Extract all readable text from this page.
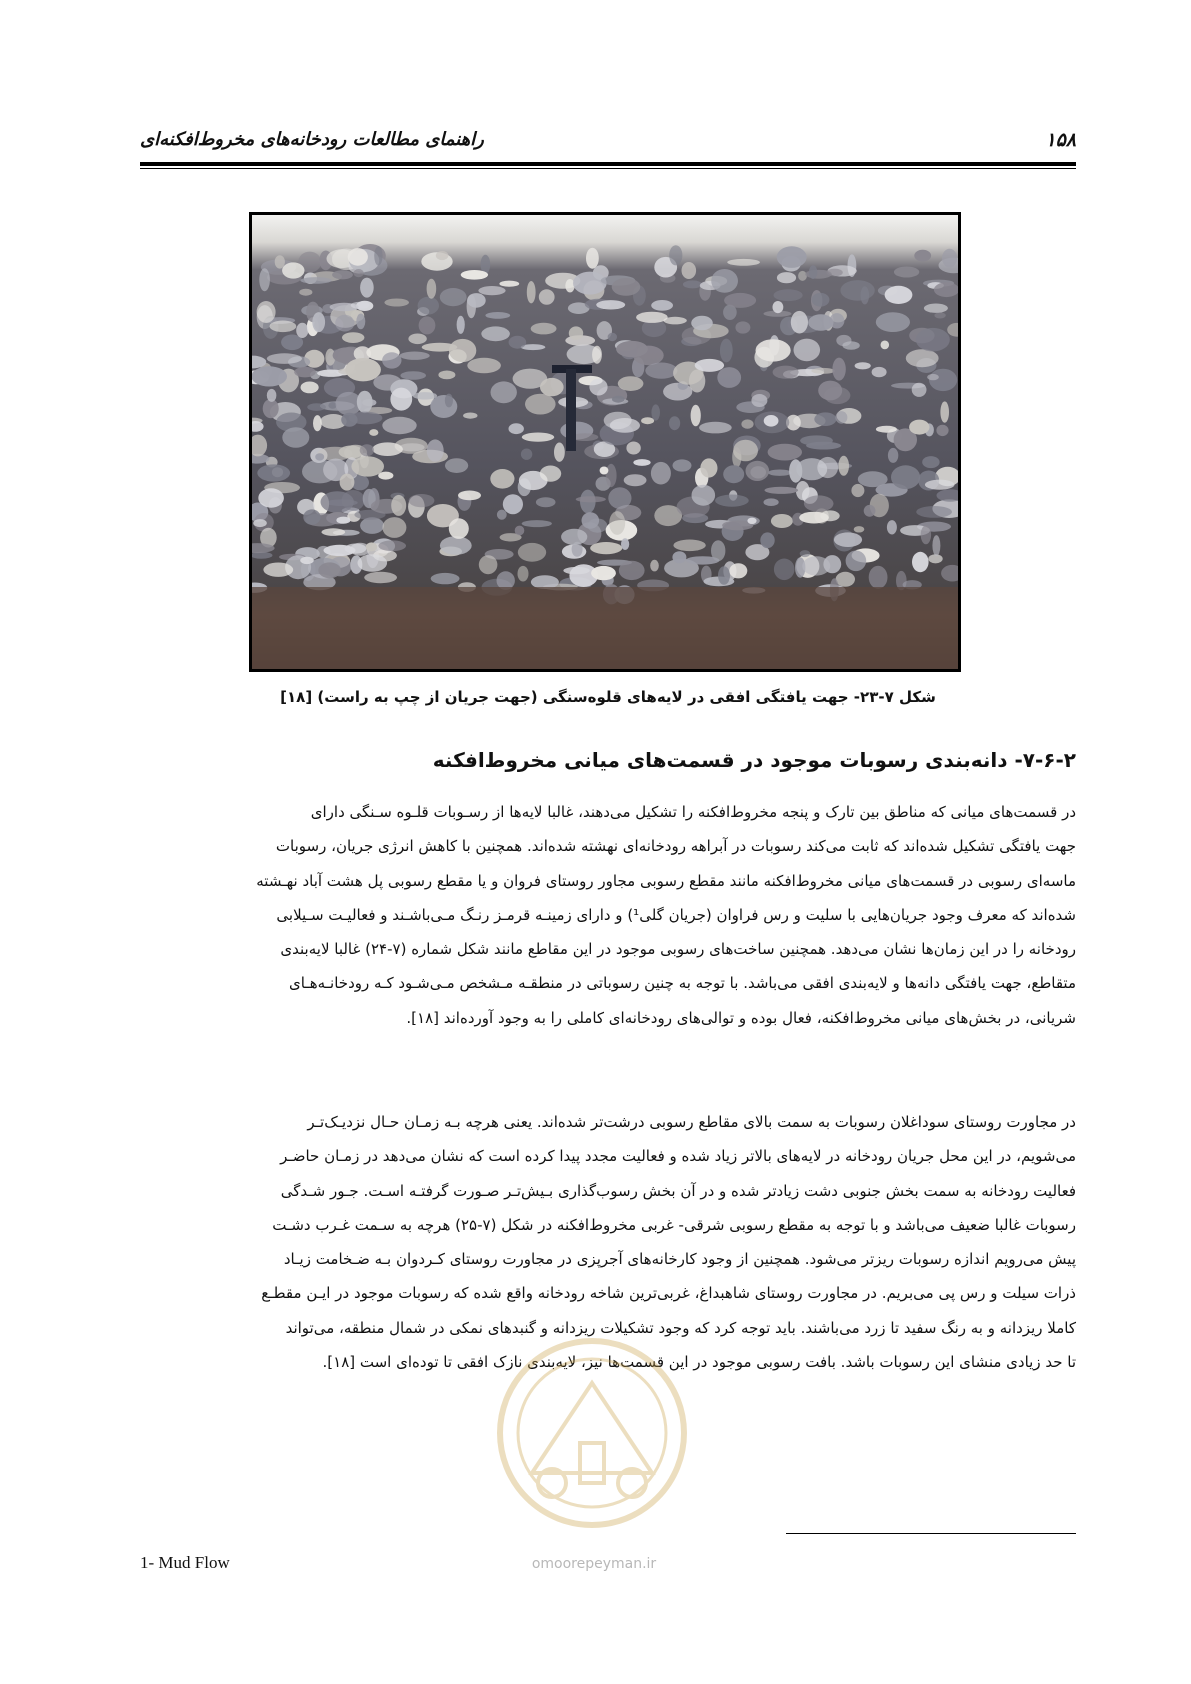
راهنمای مطالعات رودخانه‌های مخروط‌افکنه‌ای	۱۵۸
شکل ۷-۲۳- جهت یافتگی افقی در لایه‌های قلوه‌سنگی (جهت جریان از چپ به راست) [۱۸]
۷-۶-۲- دانه‌بندی رسوبات موجود در قسمت‌های میانی مخروط‌افکنه
در قسمت‌های میانی که مناطق بین تارک و پنجه مخروط‌افکنه را تشکیل می‌دهند، غالبا لایه‌ها از رسـوبات قلـوه سـنگی دارای
جهت یافتگی تشکیل شده‌اند که ثابت می‌کند رسوبات در آبراهه رودخانه‌ای نهشته شده‌اند. همچنین با کاهش انرژی جریان، رسوبات
ماسه‌ای رسوبی در قسمت‌های میانی مخروط‌افکنه مانند مقطع رسوبی مجاور روستای فروان و یا مقطع رسوبی پل هشت آباد نهـشته
شده‌اند که معرف وجود جریان‌هایی با سلیت و رس فراوان (جریان گلی¹) و دارای زمینـه قرمـز رنـگ مـی‌باشـند و فعالیـت سـیلابی
رودخانه را در این زمان‌ها نشان می‌دهد. همچنین ساخت‌های رسوبی موجود در این مقاطع مانند شکل شماره (۷-۲۴) غالبا لایه‌بندی
متقاطع، جهت یافتگی دانه‌ها و لایه‌بندی افقی می‌باشد. با توجه به چنین رسوباتی در منطقـه مـشخص مـی‌شـود کـه رودخانـه‌هـای
شریانی، در بخش‌های میانی مخروط‌افکنه، فعال بوده و توالی‌های رودخانه‌ای کاملی را به وجود آورده‌اند [۱۸].
در مجاورت روستای سوداغلان رسوبات به سمت بالای مقاطع رسوبی درشت‌تر شده‌اند. یعنی هرچه بـه زمـان حـال نزدیـک‌تـر
می‌شویم، در این محل جریان رودخانه در لایه‌های بالاتر زیاد شده و فعالیت مجدد پیدا کرده است که نشان می‌دهد در زمـان حاضـر
فعالیت رودخانه به سمت بخش جنوبی دشت زیادتر شده و در آن بخش رسوب‌گذاری بـیش‌تـر صـورت گرفتـه اسـت. جـور شـدگی
رسوبات غالبا ضعیف می‌باشد و با توجه به مقطع رسوبی شرقی- غربی مخروط‌افکنه در شکل (۷-۲۵) هرچه به سـمت غـرب دشـت
پیش می‌رویم اندازه رسوبات ریزتر می‌شود. همچنین از وجود کارخانه‌های آجرپزی در مجاورت روستای کـردوان بـه ضـخامت زیـاد
ذرات سیلت و رس پی می‌بریم. در مجاورت روستای شاهبداغ، غربی‌ترین شاخه رودخانه واقع شده که رسوبات موجود در ایـن مقطـع
کاملا ریزدانه و به رنگ سفید تا زرد می‌باشند. باید توجه کرد که وجود تشکیلات ریزدانه و گنبدهای نمکی در شمال منطقه، می‌تواند
تا حد زیادی منشای این رسوبات باشد. بافت رسوبی موجود در این قسمت‌ها نیز، لایه‌بندی نازک افقی تا توده‌ای است [۱۸].
1- Mud Flow	omoorepeyman.ir
